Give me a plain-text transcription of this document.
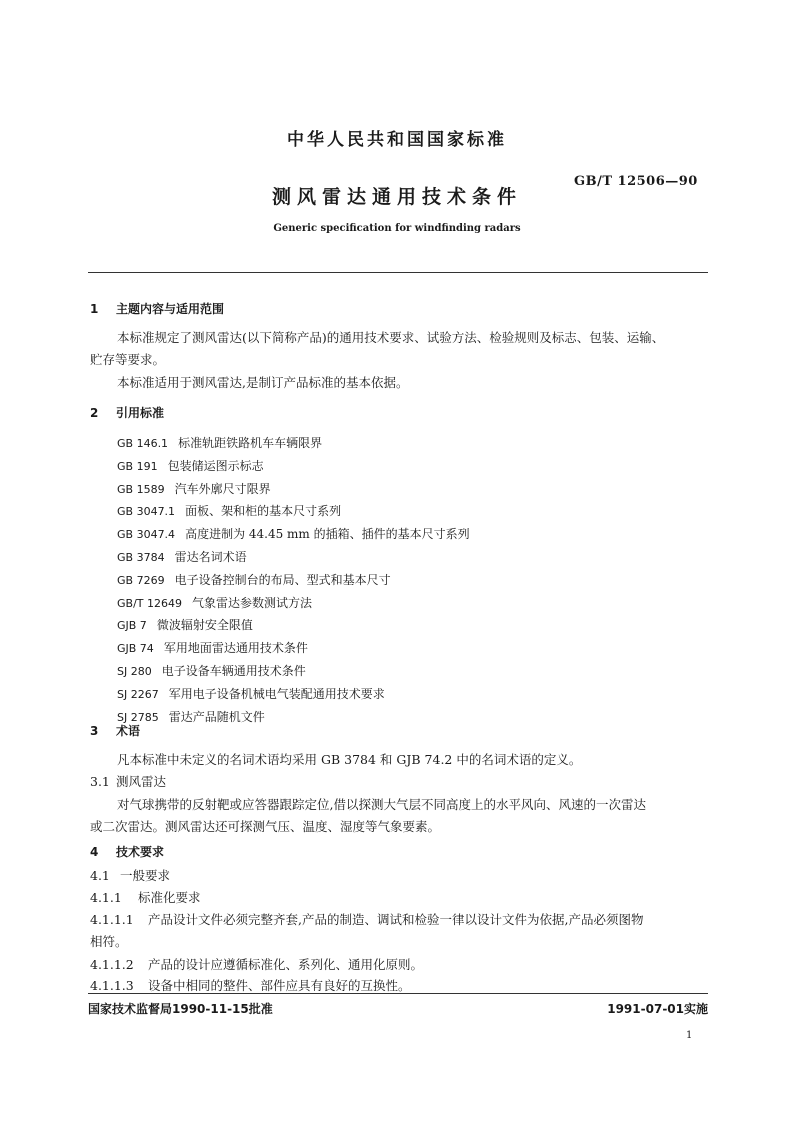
中华人民共和国国家标准
测风雷达通用技术条件
GB/T 12506—90
Generic specification for windfinding radars
1 主题内容与适用范围
本标准规定了测风雷达(以下简称产品)的通用技术要求、试验方法、检验规则及标志、包装、运输、
贮存等要求。
本标准适用于测风雷达,是制订产品标准的基本依据。
2 引用标准
GB 146.1 标准轨距铁路机车车辆限界
GB 191 包装储运图示标志
GB 1589 汽车外廓尺寸限界
GB 3047.1 面板、架和柜的基本尺寸系列
GB 3047.4 高度进制为 44.45 mm 的插箱、插件的基本尺寸系列
GB 3784 雷达名词术语
GB 7269 电子设备控制台的布局、型式和基本尺寸
GB/T 12649 气象雷达参数测试方法
GJB 7 微波辐射安全限值
GJB 74 军用地面雷达通用技术条件
SJ 280 电子设备车辆通用技术条件
SJ 2267 军用电子设备机械电气装配通用技术要求
SJ 2785 雷达产品随机文件
3 术语
凡本标准中未定义的名词术语均采用 GB 3784 和 GJB 74.2 中的名词术语的定义。
3.1 测风雷达
对气球携带的反射靶或应答器跟踪定位,借以探测大气层不同高度上的水平风向、风速的一次雷达
或二次雷达。测风雷达还可探测气压、温度、湿度等气象要素。
4 技术要求
4.1 一般要求
4.1.1 标准化要求
4.1.1.1 产品设计文件必须完整齐套,产品的制造、调试和检验一律以设计文件为依据,产品必须图物
相符。
4.1.1.2 产品的设计应遵循标准化、系列化、通用化原则。
4.1.1.3 设备中相同的整件、部件应具有良好的互换性。
国家技术监督局1990-11-15批准	1991-07-01实施
1
